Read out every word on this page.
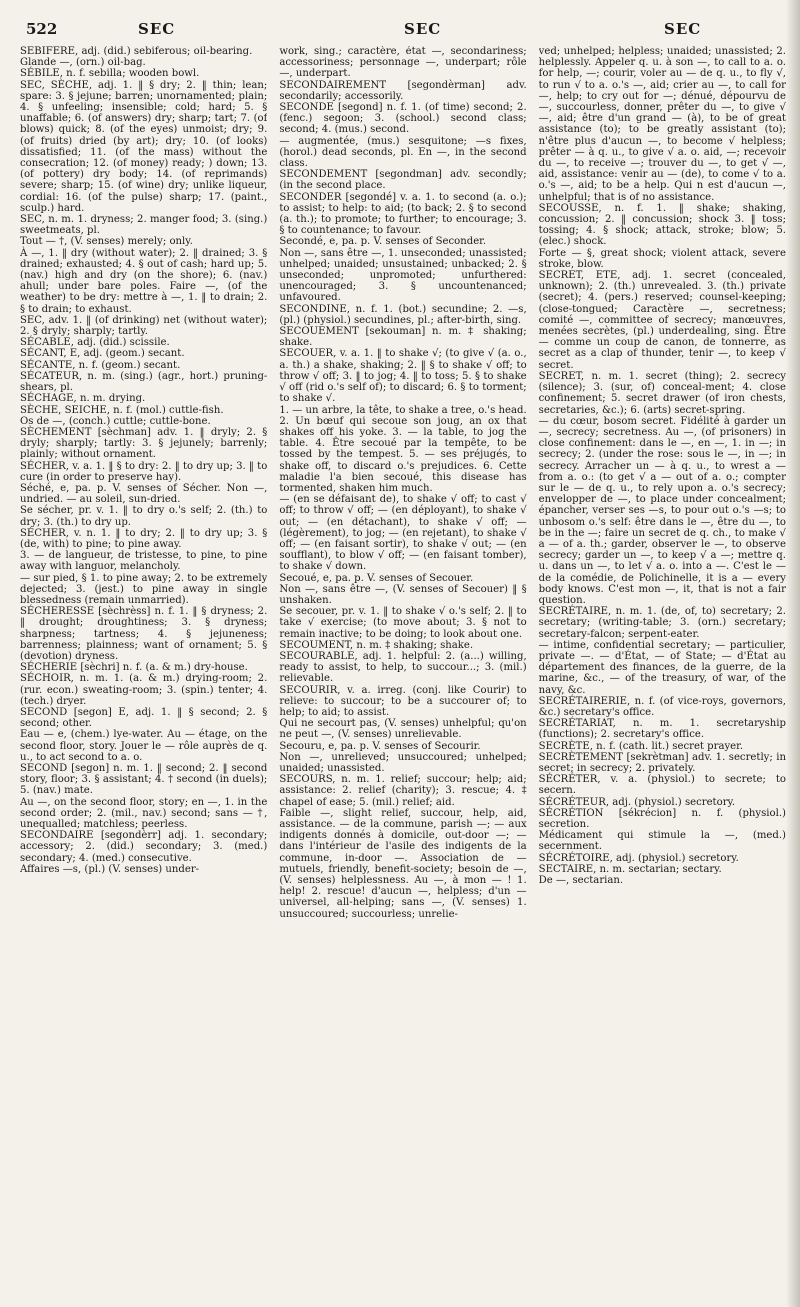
522	SEC	SEC	SEC

SEBIFÈRE, adj. (did.) sebiferous; oil-bearing.

Glande —, (orn.) oil-bag.

SÉBILE, n. f. sebilla; wooden bowl.

SEC, SÈCHE, adj. 1. ‖ § dry; 2. ‖ thin; lean; spare: 3. § jejune; barren; unornamented; plain; 4. § unfeeling; insensible; cold; hard; 5. § unaffable; 6. (of answers) dry; sharp; tart; 7. (of blows) quick; 8. (of the eyes) unmoist; dry; 9. (of fruits) dried (by art); dry; 10. (of looks) dissatisfied; 11. (of the mass) without the consecration; 12. (of money) ready; ) down; 13. (of pottery) dry body; 14. (of reprimands) severe; sharp; 15. (of wine) dry; unlike liqueur, cordial: 16. (of the pulse) sharp; 17. (paint., sculp.) hard.

SEC, n. m. 1. dryness; 2. manger food; 3. (sing.) sweetmeats, pl.

Tout — †, (V. senses) merely; only.

À —, 1. ‖ dry (without water); 2. ‖ drained; 3. § drained; exhausted; 4. § out of cash; hard up; 5. (nav.) high and dry (on the shore); 6. (nav.) ahull; under bare poles. Faire —, (of the weather) to be dry: mettre à —, 1. ‖ to drain; 2. § to drain; to exhaust.

SEC, adv. 1. ‖ (of drinking) net (without water); 2. § dryly; sharply; tartly.

SÉCABLE, adj. (did.) scissile.

SÉCANT, E, adj. (geom.) secant.

SÉCANTE, n. f. (geom.) secant.

SÉCATEUR, n. m. (sing.) (agr., hort.) pruning-shears, pl.

SÉCHAGE, n. m. drying.

SÈCHE, SEICHE, n. f. (mol.) cuttle-fish.

Os de —, (conch.) cuttle; cuttle-bone.

SÈCHEMENT [sèchman] adv. 1. ‖ dryly; 2. § dryly; sharply; tartly: 3. § jejunely; barrenly; plainly; without ornament.

SÉCHER, v. a. 1. ‖ § to dry: 2. ‖ to dry up; 3. ‖ to cure (in order to preserve hay).

Séché, e, pa. p. V. senses of Sécher. Non —, undried. — au soleil, sun-dried.

Se sécher, pr. v. 1. ‖ to dry o.'s self; 2. (th.) to dry; 3. (th.) to dry up.

SÉCHER, v. n. 1. ‖ to dry; 2. ‖ to dry up; 3. § (de, with) to pine; to pine away.

3. — de langueur, de tristesse, to pine, to pine away with languor, melancholy.

— sur pied, § 1. to pine away; 2. to be extremely dejected; 3. (jest.) to pine away in single blessedness (remain unmarried).

SÉCHERESSE [sèchrèss] n. f. 1. ‖ § dryness; 2. ‖ drought; droughtiness; 3. § dryness; sharpness; tartness; 4. § jejuneness; barrenness; plainness; want of ornament; 5. § (devotion) dryness.

SÉCHERIE [sèchri] n. f. (a. & m.) dry-house.

SÉCHOIR, n. m. 1. (a. & m.) drying-room; 2. (rur. econ.) sweating-room; 3. (spin.) tenter; 4. (tech.) dryer.

SECOND [segon] E, adj. 1. ‖ § second; 2. § second; other.

Eau — e, (chem.) lye-water. Au — étage, on the second floor, story. Jouer le — rôle auprès de q. u., to act second to a. o.

SECOND [segon] n. m. 1. ‖ second; 2. ‖ second story, floor; 3. § assistant; 4. † second (in duels); 5. (nav.) mate.

Au —, on the second floor, story; en —, 1. in the second order; 2. (mil., nav.) second; sans — †, unequalled; matchless; peerless.

SECONDAIRE [segondèrr] adj. 1. secondary; accessory; 2. (did.) secondary; 3. (med.) secondary; 4. (med.) consecutive.

Affaires —s, (pl.) (V. senses) under-

work, sing.; caractère, état —, secondariness; accessoriness; personnage —, underpart; rôle —, underpart.

SECONDAIREMENT [segondèrman] adv. secondarily; accessorily.

SECONDE [segond] n. f. 1. (of time) second; 2. (fenc.) segoon; 3. (school.) second class; second; 4. (mus.) second.

— augmentée, (mus.) sesquitone; —s fixes, (horol.) dead seconds, pl. En —, in the second class.

SECONDEMENT [segondman] adv. secondly; (in the second place.

SECONDER [segondé] v. a. 1. to second (a. o.); to assist; to help: to aid; (to back; 2. § to second (a. th.); to promote; to further; to encourage; 3. § to countenance; to favour.

Secondé, e, pa. p. V. senses of Seconder.

Non —, sans être —, 1. unseconded; unassisted; unhelped; unaided; unsustained; unbacked; 2. § unseconded; unpromoted; unfurthered: unencouraged; 3. § uncountenanced; unfavoured.

SECONDINE, n. f. 1. (bot.) secundine; 2. —s, (pl.) (physiol.) secundines, pl.; after-birth, sing.

SECOUEMENT [sekouman] n. m. ‡ shaking; shake.

SECOUER, v. a. 1. ‖ to shake √; (to give √ (a. o., a. th.) a shake, shaking; 2. ‖ § to shake √ off; to throw √ off; 3. ‖ to jog; 4. ‖ to toss; 5. § to shake √ off (rid o.'s self of); to discard; 6. § to torment; to shake √.

1. — un arbre, la tête, to shake a tree, o.'s head. 2. Un bœuf qui secoue son joug, an ox that shakes off his yoke. 3. — la table, to jog the table. 4. Être secoué par la tempête, to be tossed by the tempest. 5. — ses préjugés, to shake off, to discard o.'s prejudices. 6. Cette maladie l'a bien secoué, this disease has tormented, shaken him much.

— (en se défaisant de), to shake √ off; to cast √ off; to throw √ off; — (en déployant), to shake √ out; — (en détachant), to shake √ off; — (légèrement), to jog; — (en rejetant), to shake √ off; — (en faisant sortir), to shake √ out; — (en soufflant), to blow √ off; — (en faisant tomber), to shake √ down.

Secoué, e, pa. p. V. senses of Secouer.

Non —, sans être —, (V. senses of Secouer) ‖ § unshaken.

Se secouer, pr. v. 1. ‖ to shake √ o.'s self; 2. ‖ to take √ exercise; (to move about; 3. § not to remain inactive; to be doing; to look about one.

SECOUMENT, n. m. ‡ shaking; shake.

SECOURABLE, adj. 1. helpful: 2. (a...) willing, ready to assist, to help, to succour...; 3. (mil.) relievable.

SECOURIR, v. a. irreg. (conj. like Courir) to relieve: to succour; to be a succourer of; to help; to aid; to assist.

Qui ne secourt pas, (V. senses) unhelpful; qu'on ne peut —, (V. senses) unrelievable.

Secouru, e, pa. p. V. senses of Secourir.

Non —, unrelieved; unsuccoured; unhelped; unaided; unassisted.

SECOURS, n. m. 1. relief; succour; help; aid; assistance: 2. relief (charity); 3. rescue; 4. ‡ chapel of ease; 5. (mil.) relief; aid.

Faible —, slight relief, succour, help, aid, assistance. — de la commune, parish —; — aux indigents donnés à domicile, out-door —; — dans l'intérieur de l'asile des indigents de la commune, in-door —. Association de — mutuels, friendly, benefit-society; besoin de —, (V. senses) helplessness. Au —, à mon — ! 1. help! 2. rescue! d'aucun —, helpless; d'un — universel, all-helping; sans —, (V. senses) 1. unsuccoured; succourless; unrelie-

ved; unhelped; helpless; unaided; unassisted; 2. helplessly. Appeler q. u. à son —, to call to a. o. for help, —; courir, voler au — de q. u., to fly √, to run √ to a. o.'s —, aid; crier au —, to call for —, help; to cry out for —; dénué, dépourvu de —, succourless, donner, prêter du —, to give √ —, aid; être d'un grand — (à), to be of great assistance (to); to be greatly assistant (to); n'être plus d'aucun —, to become √ helpless; prêter — à q. u., to give √ a. o. aid, —; recevoir du —, to receive —; trouver du —, to get √ —, aid, assistance: venir au — (de), to come √ to a. o.'s —, aid; to be a help. Qui n est d'aucun —, unhelpful; that is of no assistance.

SECOUSSE, n. f. 1. ‖ shake; shaking, concussion; 2. ‖ concussion; shock 3. ‖ toss; tossing; 4. § shock; attack, stroke; blow; 5. (elec.) shock.

Forte — §, great shock; violent attack, severe stroke, blow.

SECRET, ETE, adj. 1. secret (concealed, unknown); 2. (th.) unrevealed. 3. (th.) private (secret); 4. (pers.) reserved; counsel-keeping; (close-tongued; Caractère —, secretness; comité —, committee of secrecy; manœuvres, menées secrètes, (pl.) underdealing, sing. Être — comme un coup de canon, de tonnerre, as secret as a clap of thunder, tenir —, to keep √ secret.

SECRET, n. m. 1. secret (thing); 2. secrecy (silence); 3. (sur, of) conceal-ment; 4. close confinement; 5. secret drawer (of iron chests, secretaries, &c.); 6. (arts) secret-spring.

— du cœur, bosom secret. Fidélité à garder un —, secrecy; secretness. Au —, (of prisoners) in close confinement: dans le —, en —, 1. in —; in secrecy; 2. (under the rose: sous le —, in —; in secrecy. Arracher un — à q. u., to wrest a — from a. o.: (to get √ a — out of a. o.; compter sur le — de q. u., to rely upon a. o.'s secrecy; envelopper de —, to place under concealment; épancher, verser ses —s, to pour out o.'s —s; to unbosom o.'s self: être dans le —, être du —, to be in the —; faire un secret de q. ch., to make √ a — of a. th.; garder, observer le —, to observe secrecy; garder un —, to keep √ a —; mettre q. u. dans un —, to let √ a. o. into a —. C'est le — de la comédie, de Polichinelle, it is a — every body knows. C'est mon —, it, that is not a fair question.

SECRÉTAIRE, n. m. 1. (de, of, to) secretary; 2. secretary; (writing-table; 3. (orn.) secretary; secretary-falcon; serpent-eater.

— intime, confidential secretary; — particulier, private —. — d'État, — of State; — d'État au département des finances, de la guerre, de la marine, &c., — of the treasury, of war, of the navy, &c.

SECRÉTAIRERIE, n. f. (of vice-roys, governors, &c.) secretary's office.

SECRÉTARIAT, n. m. 1. secretaryship (functions); 2. secretary's office.

SECRÈTE, n. f. (cath. lit.) secret prayer.

SECRÈTEMENT [sekrètman] adv. 1. secretly; in secret; in secrecy; 2. privately.

SÉCRÉTER, v. a. (physiol.) to secrete; to secern.

SÉCRÉTEUR, adj. (physiol.) secretory.

SÉCRÉTION [sékrécion] n. f. (physiol.) secretion.

Médicament qui stimule la —, (med.) secernment.

SÉCRÉTOIRE, adj. (physiol.) secretory.

SECTAIRE, n. m. sectarian; sectary.

De —, sectarian.
